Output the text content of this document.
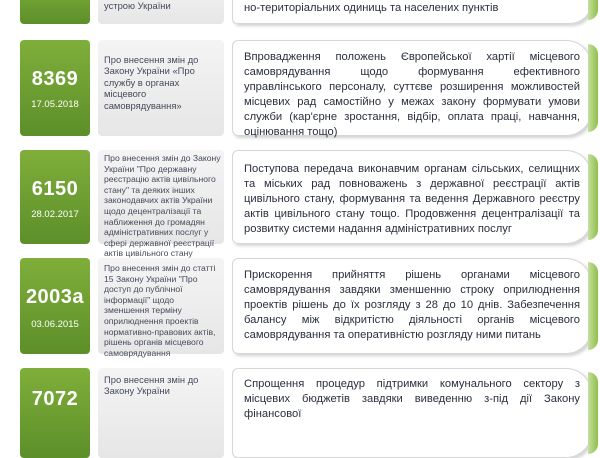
устрою України	но-територіальних одиниць та населених пунктів
8369
17.05.2018
Про внесення змін до Закону України «Про службу в органах місцевого самоврядування»
Впровадження положень Європейської хартії місцевого самоврядування щодо формування ефективного управлінського персоналу, суттєве розширення можливостей місцевих рад самостійно у межах закону формувати умови служби (кар'єрне зростання, відбір, оплата праці, навчання, оцінювання тощо)
6150
28.02.2017
Про внесення змін до Закону України "Про державну реєстрацію актів цивільного стану" та деяких інших законодавчих актів України щодо децентралізації та наближення до громадян адміністративних послуг у сфері державної реєстрації актів цивільного стану
Поступова передача виконавчим органам сільських, селищних та міських рад повноважень з державної реєстрації актів цивільного стану, формування та ведення Державного реєстру актів цивільного стану тощо. Продовження децентралізації та розвитку системи надання адміністративних послуг
2003а
03.06.2015
Про внесення змін до статті 15 Закону України "Про доступ до публічної інформації" щодо зменшення терміну оприлюднення проектів нормативно-правових актів, рішень органів місцевого самоврядування
Прискорення прийняття рішень органами місцевого самоврядування завдяки зменшенню строку оприлюднення проектів рішень до їх розгляду з 28 до 10 днів. Забезпечення балансу між відкритістю діяльності органів місцевого самоврядування та оперативністю розгляду ними питань
7072
Про внесення змін до Закону України
Спрощення процедур підтримки комунального сектору з місцевих бюджетів завдяки виведенню з-під дії Закону фінансової
